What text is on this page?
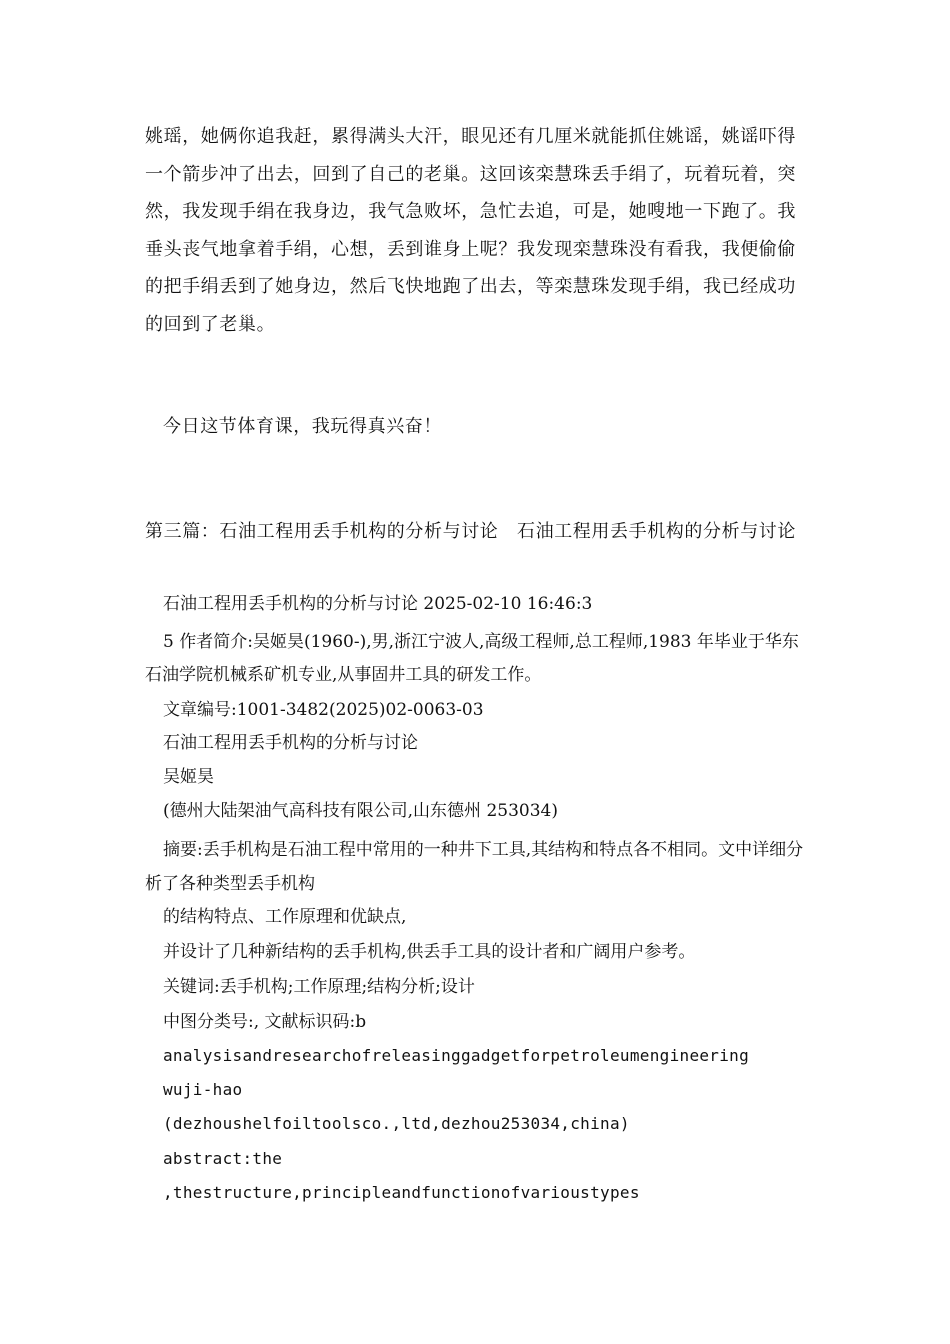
姚瑶，她俩你追我赶，累得满头大汗，眼见还有几厘米就能抓住姚谣，姚谣吓得一个箭步冲了出去，回到了自己的老巢。这回该栾慧珠丢手绢了，玩着玩着，突然，我发现手绢在我身边，我气急败坏，急忙去追，可是，她嗖地一下跑了。我垂头丧气地拿着手绢，心想，丢到谁身上呢？我发现栾慧珠没有看我，我便偷偷的把手绢丢到了她身边，然后飞快地跑了出去，等栾慧珠发现手绢，我已经成功的回到了老巢。

今日这节体育课，我玩得真兴奋！

第三篇：石油工程用丢手机构的分析与讨论　石油工程用丢手机构的分析与讨论

石油工程用丢手机构的分析与讨论 2025-02-10 16:46:3

5 作者简介:吴姬昊(1960-),男,浙江宁波人,高级工程师,总工程师,1983 年毕业于华东石油学院机械系矿机专业,从事固井工具的研发工作。

文章编号:1001-3482(2025)02-0063-03

石油工程用丢手机构的分析与讨论

吴姬昊

(德州大陆架油气高科技有限公司,山东德州 253034)

摘要:丢手机构是石油工程中常用的一种井下工具,其结构和特点各不相同。文中详细分析了各种类型丢手机构

的结构特点、工作原理和优缺点,

并设计了几种新结构的丢手机构,供丢手工具的设计者和广阔用户参考。

关键词:丢手机构;工作原理;结构分析;设计

中图分类号:, 文献标识码:b

analysisandresearchofreleasinggadgetforpetroleumengineering

wuji-hao

(dezhoushelfoiltoolsco.,ltd,dezhou253034,china)

abstract:the

,thestructure,principleandfunctionofvarioustypes
